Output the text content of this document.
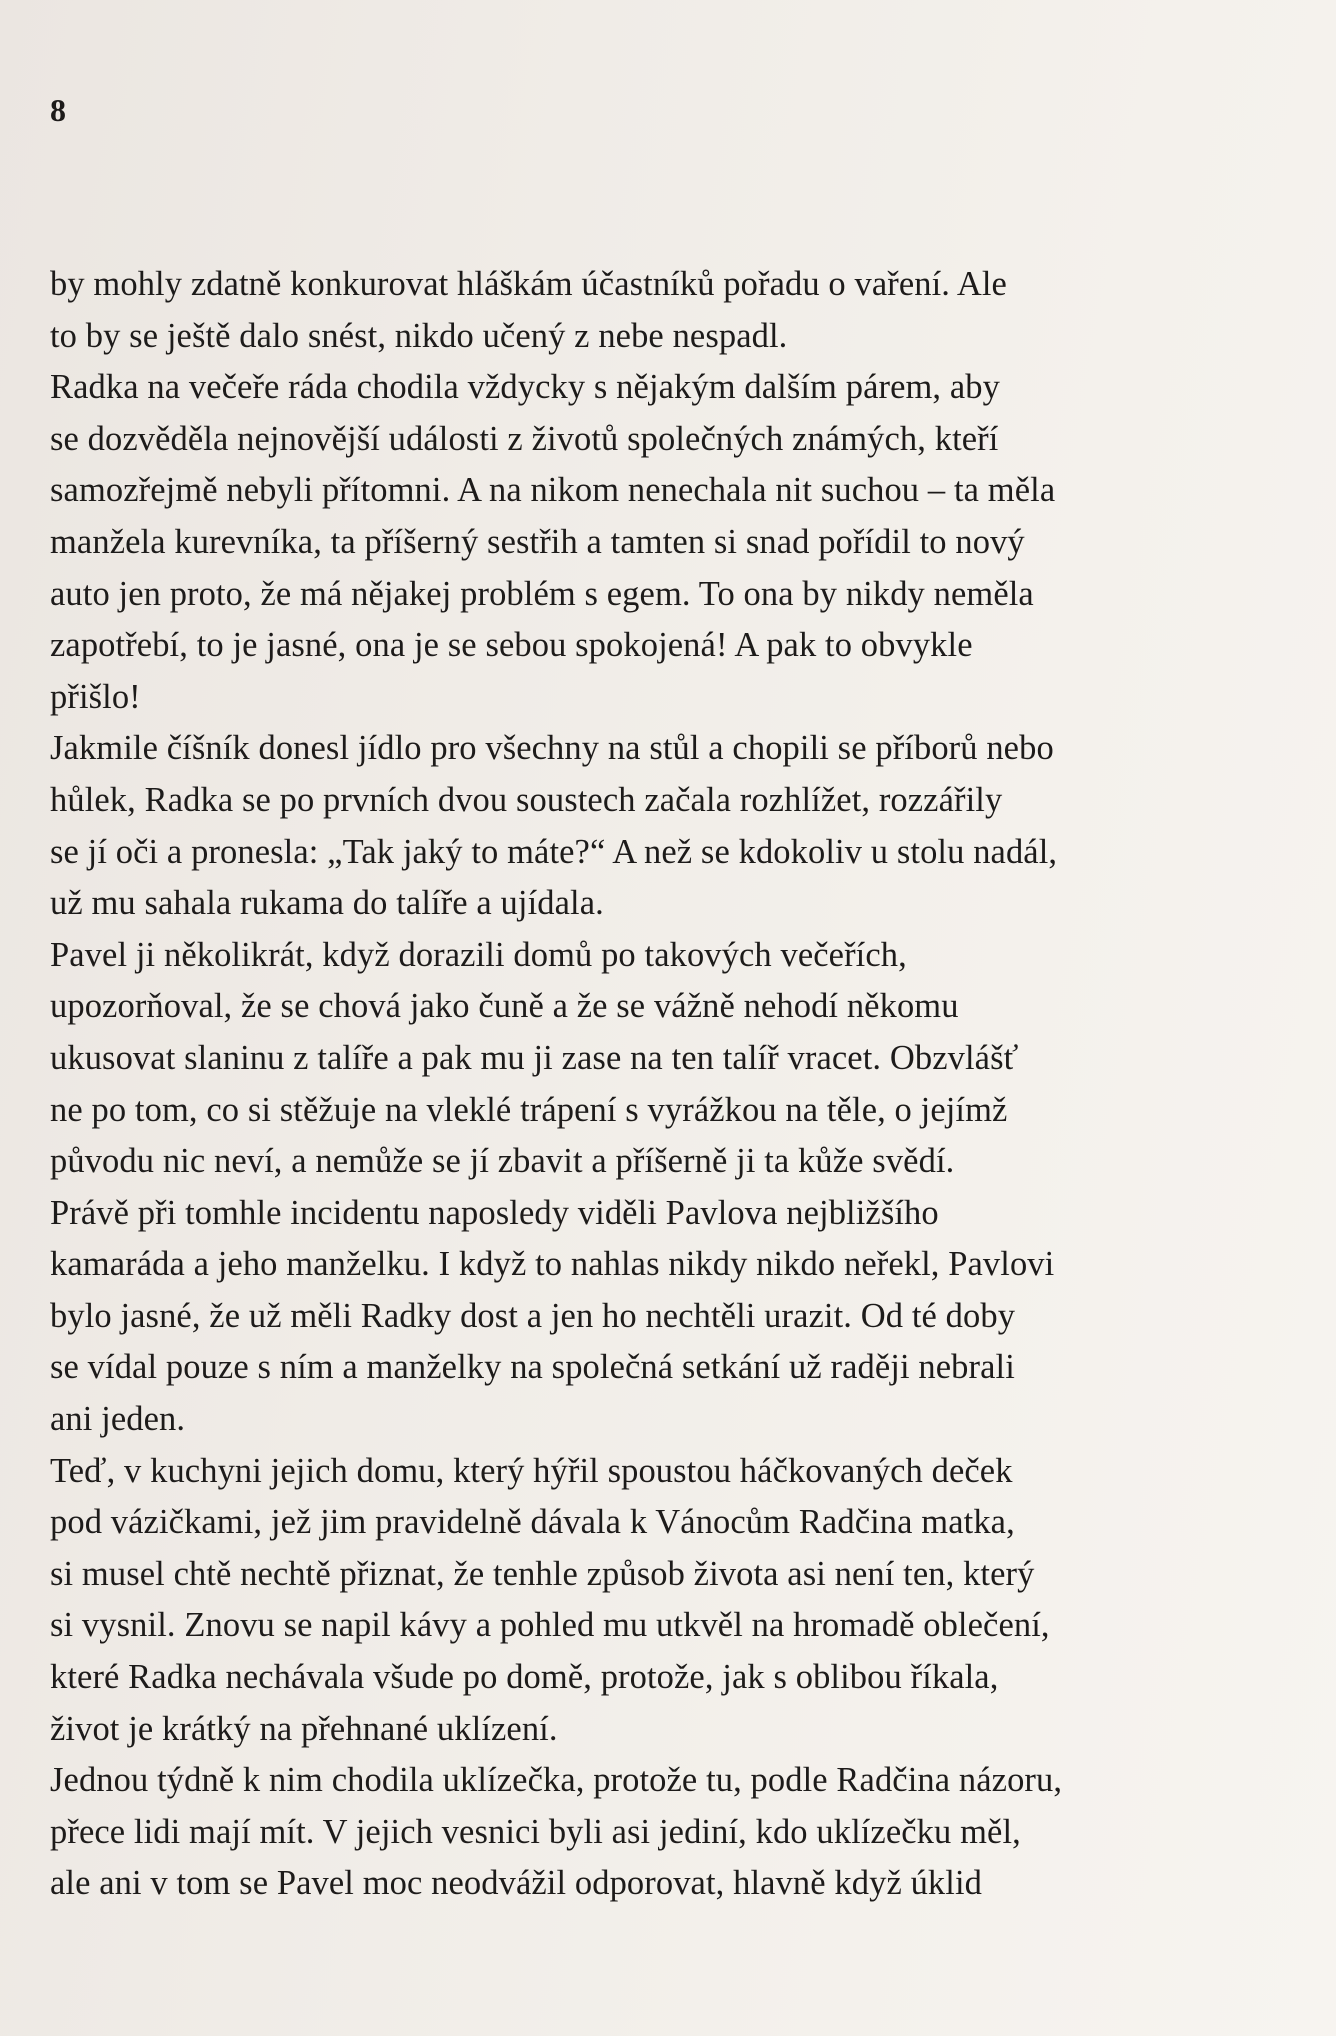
8
by mohly zdatně konkurovat hláškám účastníků pořadu o vaření. Ale
to by se ještě dalo snést, nikdo učený z nebe nespadl.
Radka na večeře ráda chodila vždycky s nějakým dalším párem, aby
se dozvěděla nejnovější události z životů společných známých, kteří
samozřejmě nebyli přítomni. A na nikom nenechala nit suchou – ta měla
manžela kurevníka, ta příšerný sestřih a tamten si snad pořídil to nový
auto jen proto, že má nějakej problém s egem. To ona by nikdy neměla
zapotřebí, to je jasné, ona je se sebou spokojená! A pak to obvykle
přišlo!
Jakmile číšník donesl jídlo pro všechny na stůl a chopili se příborů nebo
hůlek, Radka se po prvních dvou soustech začala rozhlížet, rozzářily
se jí oči a pronesla: „Tak jaký to máte?“ A než se kdokoliv u stolu nadál,
už mu sahala rukama do talíře a ujídala.
Pavel ji několikrát, když dorazili domů po takových večeřích,
upozorňoval, že se chová jako čuně a že se vážně nehodí někomu
ukusovat slaninu z talíře a pak mu ji zase na ten talíř vracet. Obzvlášť
ne po tom, co si stěžuje na vleklé trápení s vyrážkou na těle, o jejímž
původu nic neví, a nemůže se jí zbavit a příšerně ji ta kůže svědí.
Právě při tomhle incidentu naposledy viděli Pavlova nejbližšího
kamaráda a jeho manželku. I když to nahlas nikdy nikdo neřekl, Pavlovi
bylo jasné, že už měli Radky dost a jen ho nechtěli urazit. Od té doby
se vídal pouze s ním a manželky na společná setkání už raději nebrali
ani jeden.
Teď, v kuchyni jejich domu, který hýřil spoustou háčkovaných deček
pod vázičkami, jež jim pravidelně dávala k Vánocům Radčina matka,
si musel chtě nechtě přiznat, že tenhle způsob života asi není ten, který
si vysnil. Znovu se napil kávy a pohled mu utkvěl na hromadě oblečení,
které Radka nechávala všude po domě, protože, jak s oblibou říkala,
život je krátký na přehnané uklízení.
Jednou týdně k nim chodila uklízečka, protože tu, podle Radčina názoru,
přece lidi mají mít. V jejich vesnici byli asi jediní, kdo uklízečku měl,
ale ani v tom se Pavel moc neodvážil odporovat, hlavně když úklid
